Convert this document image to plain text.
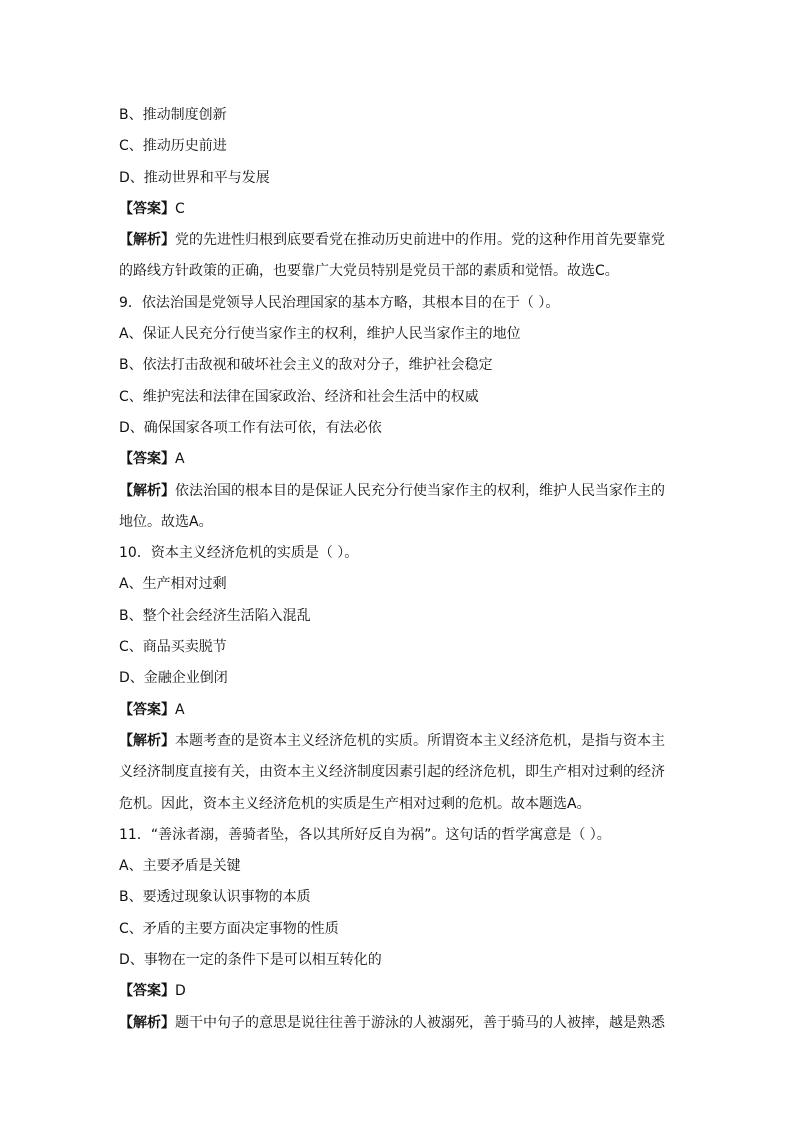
B、推动制度创新
C、推动历史前进
D、推动世界和平与发展
【答案】C
【解析】党的先进性归根到底要看党在推动历史前进中的作用。党的这种作用首先要靠党
的路线方针政策的正确，也要靠广大党员特别是党员干部的素质和觉悟。故选C。
9．依法治国是党领导人民治理国家的基本方略，其根本目的在于（ ）。
A、保证人民充分行使当家作主的权利，维护人民当家作主的地位
B、依法打击敌视和破坏社会主义的敌对分子，维护社会稳定
C、维护宪法和法律在国家政治、经济和社会生活中的权威
D、确保国家各项工作有法可依，有法必依
【答案】A
【解析】依法治国的根本目的是保证人民充分行使当家作主的权利，维护人民当家作主的
地位。故选A。
10．资本主义经济危机的实质是（ ）。
A、生产相对过剩
B、整个社会经济生活陷入混乱
C、商品买卖脱节
D、金融企业倒闭
【答案】A
【解析】本题考查的是资本主义经济危机的实质。所谓资本主义经济危机，是指与资本主
义经济制度直接有关，由资本主义经济制度因素引起的经济危机，即生产相对过剩的经济
危机。因此，资本主义经济危机的实质是生产相对过剩的危机。故本题选A。
11．“善泳者溺，善骑者坠，各以其所好反自为祸”。这句话的哲学寓意是（ ）。
A、主要矛盾是关键
B、要透过现象认识事物的本质
C、矛盾的主要方面决定事物的性质
D、事物在一定的条件下是可以相互转化的
【答案】D
【解析】题干中句子的意思是说往往善于游泳的人被溺死，善于骑马的人被摔，越是熟悉
